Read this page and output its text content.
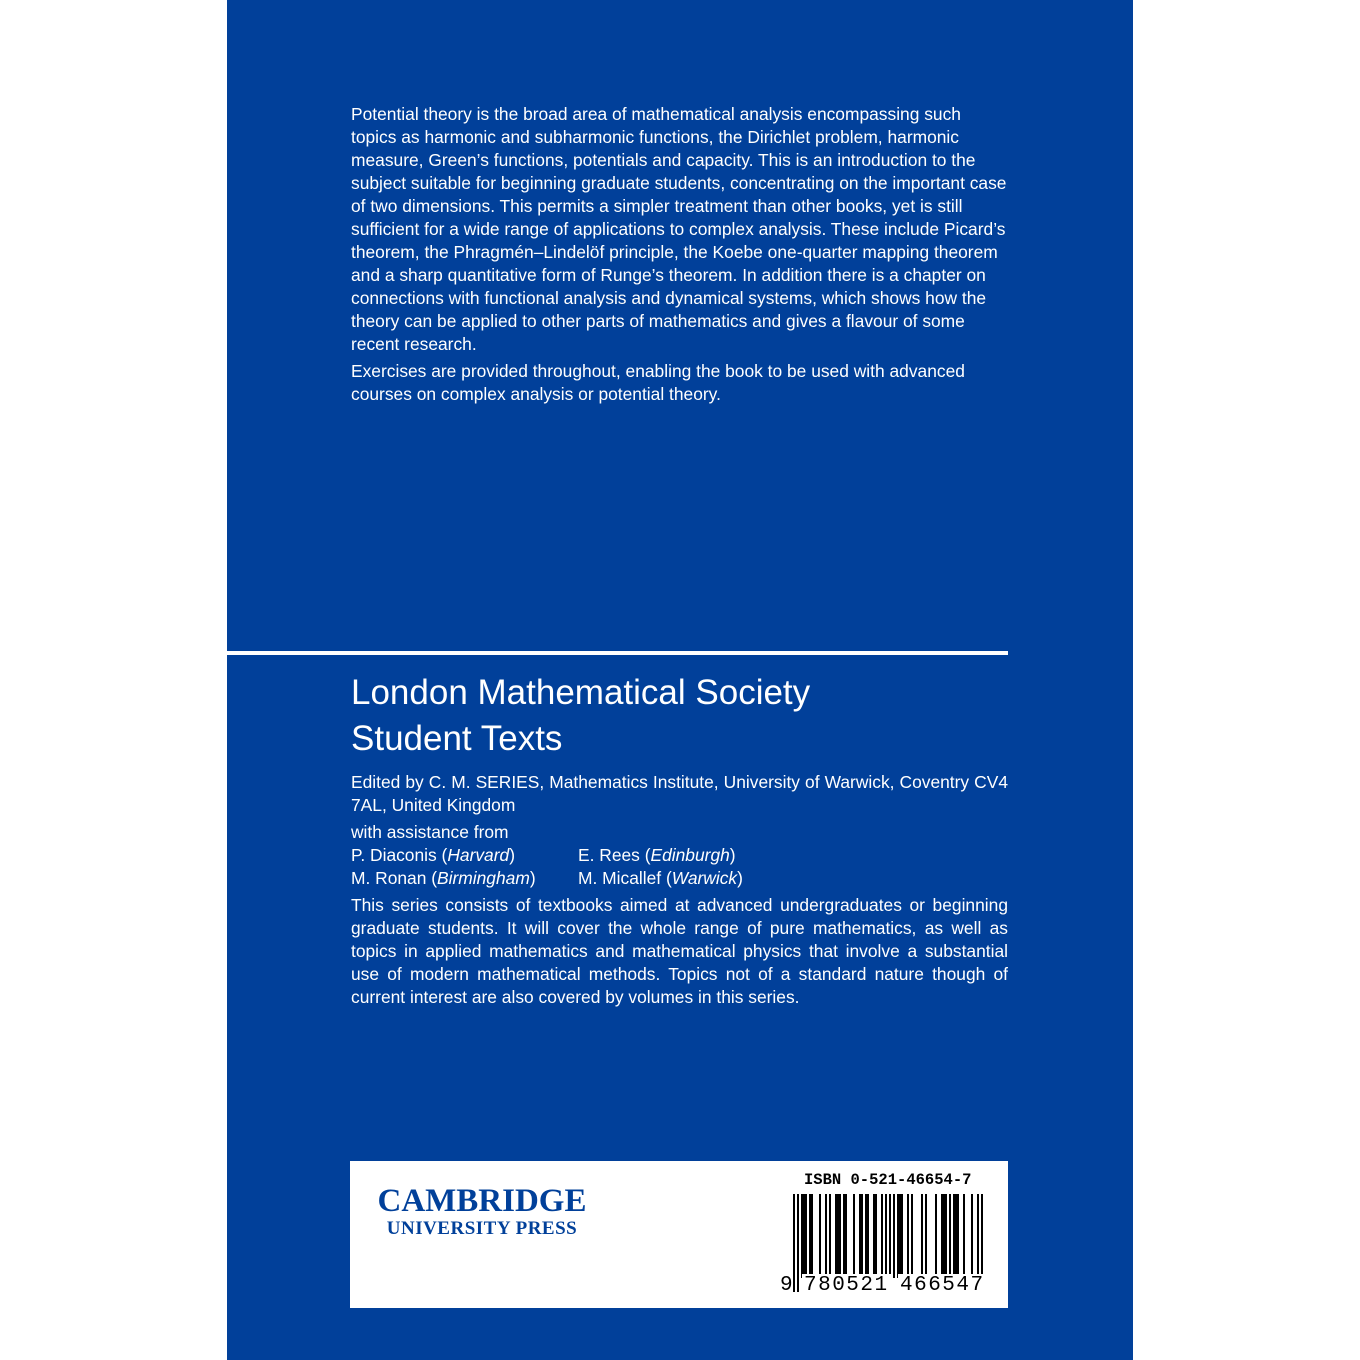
Potential theory is the broad area of mathematical analysis encompassing such topics as harmonic and subharmonic functions, the Dirichlet problem, harmonic measure, Green’s functions, potentials and capacity. This is an introduction to the subject suitable for beginning graduate students, concentrating on the important case of two dimensions. This permits a simpler treatment than other books, yet is still sufficient for a wide range of applications to complex analysis. These include Picard’s theorem, the Phragmén–Lindelöf principle, the Koebe one-quarter mapping theorem and a sharp quantitative form of Runge’s theorem. In addition there is a chapter on connections with functional analysis and dynamical systems, which shows how the theory can be applied to other parts of mathematics and gives a flavour of some recent research.

Exercises are provided throughout, enabling the book to be used with advanced courses on complex analysis or potential theory.

London Mathematical Society
Student Texts

Edited by C. M. SERIES, Mathematics Institute, University of Warwick, Coventry CV4 7AL, United Kingdom

with assistance from

P. Diaconis (Harvard)	E. Rees (Edinburgh)
M. Ronan (Birmingham)	M. Micallef (Warwick)

This series consists of textbooks aimed at advanced undergraduates or beginning graduate students. It will cover the whole range of pure mathematics, as well as topics in applied mathematics and mathematical physics that involve a substantial use of modern mathematical methods. Topics not of a standard nature though of current interest are also covered by volumes in this series.

CAMBRIDGE
UNIVERSITY PRESS
ISBN 0-521-46654-7
9 780521 466547
